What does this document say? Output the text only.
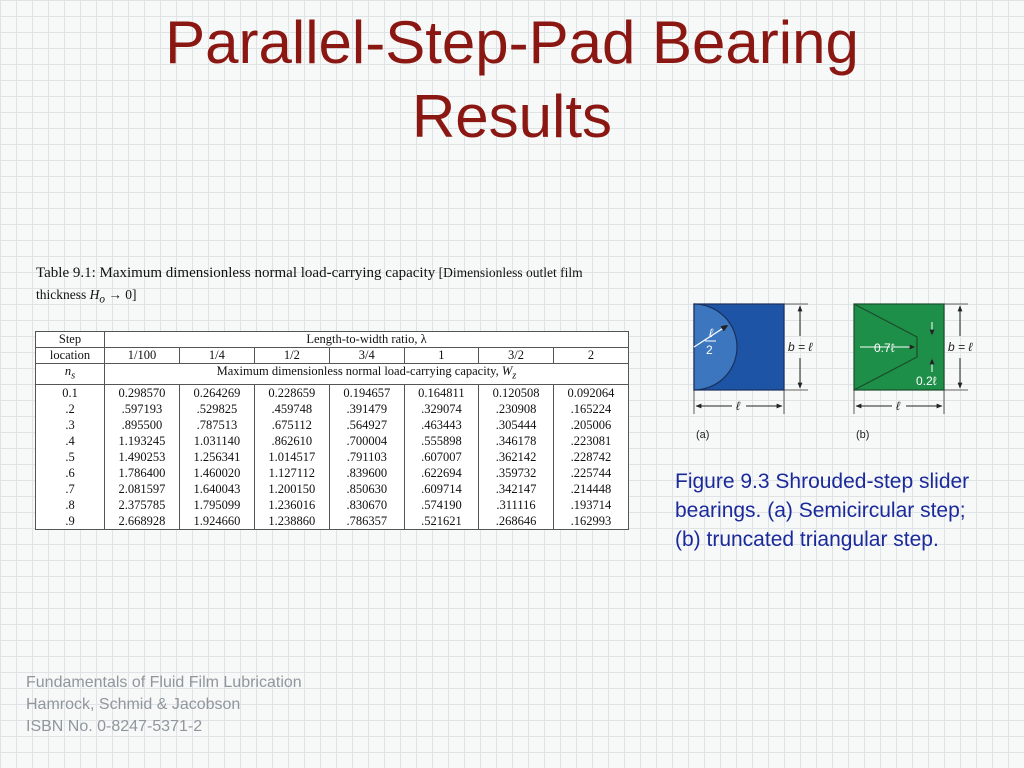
Parallel-Step-Pad Bearing
Results
Table 9.1: Maximum dimensionless normal load-carrying capacity [Dimensionless outlet film thickness $H_o \to 0$]
Step	Length-to-width ratio, λ						
location	1/100	1/4	1/2	3/4	1	3/2	2
$n_s$	Maximum dimensionless normal load-carrying capacity, $W_z$
0.1	0.298570	0.264269	0.228659	0.194657	0.164811	0.120508	0.092064
.2	.597193	.529825	.459748	.391479	.329074	.230908	.165224
.3	.895500	.787513	.675112	.564927	.463443	.305444	.205006
.4	1.193245	1.031140	.862610	.700004	.555898	.346178	.223081
.5	1.490253	1.256341	1.014517	.791103	.607007	.362142	.228742
.6	1.786400	1.460020	1.127112	.839600	.622694	.359732	.225744
.7	2.081597	1.640043	1.200150	.850630	.609714	.342147	.214448
.8	2.375785	1.795099	1.236016	.830670	.574190	.311116	.193714
.9	2.668928	1.924660	1.238860	.786357	.521621	.268646	.162993
ℓ
2	b = ℓ
ℓ
(a)
0.7ℓ
0.2ℓ
b = ℓ
ℓ
(b)
Figure 9.3 Shrouded-step slider bearings. (a) Semicircular step; (b) truncated triangular step.
Fundamentals of Fluid Film Lubrication
Hamrock, Schmid & Jacobson
ISBN No. 0-8247-5371-2
